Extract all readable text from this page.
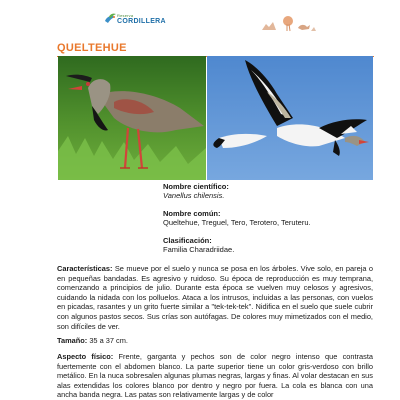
Reserva
CORDILLERA
QUELTEHUE
Nombre científico:
Vanellus chilensis.
Nombre común:
Queltehue, Treguel, Tero, Terotero, Teruteru.
Clasificación:
Familia Charadriidae.
Características: Se mueve por el suelo y nunca se posa en los árboles. Vive solo, en pareja o en pequeñas bandadas. Es agresivo y ruidoso. Su época de reproducción es muy temprana, comenzando a principios de julio. Durante esta época se vuelven muy celosos y agresivos, cuidando la nidada con los polluelos. Ataca a los intrusos, incluidas a las personas, con vuelos en picadas, rasantes y un grito fuerte similar a "tek-tek-tek". Nidifica en el suelo que suele cubrir con algunos pastos secos. Sus crías son autófagas. De colores muy mimetizados con el medio, son difíciles de ver.
Tamaño: 35 a 37 cm.
Aspecto físico: Frente, garganta y pechos son de color negro intenso que contrasta fuertemente con el abdomen blanco. La parte superior tiene un color gris-verdoso con brillo metálico. En la nuca sobresalen algunas plumas negras, largas y finas. Al volar destacan en sus alas extendidas los colores blanco por dentro y negro por fuera. La cola es blanca con una ancha banda negra. Las patas son relativamente largas y de color
